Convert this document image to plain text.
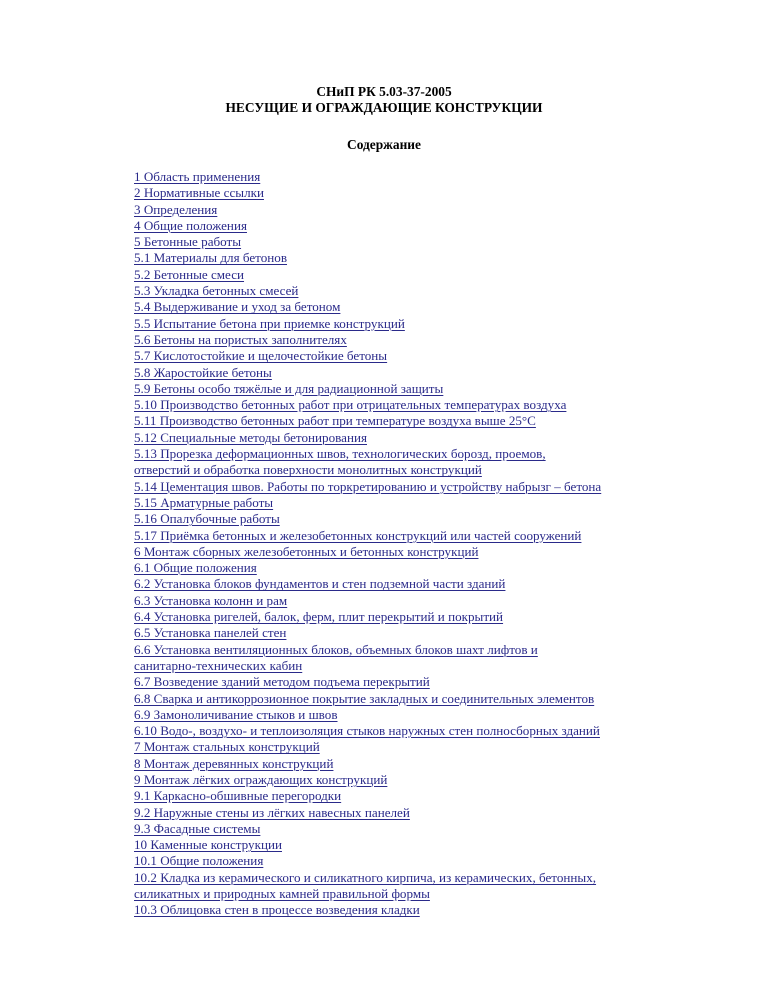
СНиП РК 5.03-37-2005
НЕСУЩИЕ И ОГРАЖДАЮЩИЕ КОНСТРУКЦИИ
Содержание
1 Область применения
2 Нормативные ссылки
3 Определения
4 Общие положения
5 Бетонные работы
5.1 Материалы для бетонов
5.2 Бетонные смеси
5.3 Укладка бетонных смесей
5.4 Выдерживание и уход за бетоном
5.5 Испытание бетона при приемке конструкций
5.6 Бетоны на пористых заполнителях
5.7 Кислотостойкие и щелочестойкие бетоны
5.8 Жаростойкие бетоны
5.9 Бетоны особо тяжёлые и для радиационной защиты
5.10 Производство бетонных работ при отрицательных температурах воздуха
5.11 Производство бетонных работ при температуре воздуха выше 25°С
5.12 Специальные методы бетонирования
5.13 Прорезка деформационных швов, технологических борозд, проемов,
отверстий и обработка поверхности монолитных конструкций
5.14 Цементация швов. Работы по торкретированию и устройству набрызг – бетона
5.15 Арматурные работы
5.16 Опалубочные работы
5.17 Приёмка бетонных и железобетонных конструкций или частей сооружений
6 Монтаж сборных железобетонных и бетонных конструкций
6.1 Общие положения
6.2 Установка блоков фундаментов и стен подземной части зданий
6.3 Установка колонн и рам
6.4 Установка ригелей, балок, ферм, плит перекрытий и покрытий
6.5 Установка панелей стен
6.6 Установка вентиляционных блоков, объемных блоков шахт лифтов и
санитарно-технических кабин
6.7 Возведение зданий методом подъема перекрытий
6.8 Сварка и антикоррозионное покрытие закладных и соединительных элементов
6.9 Замоноличивание стыков и швов
6.10 Водо-, воздухо- и теплоизоляция стыков наружных стен полносборных зданий
7 Монтаж стальных конструкций
8 Монтаж деревянных конструкций
9 Монтаж лёгких ограждающих конструкций
9.1 Каркасно-обшивные перегородки
9.2 Наружные стены из лёгких навесных панелей
9.3 Фасадные системы
10 Каменные конструкции
10.1 Общие положения
10.2 Кладка из керамического и силикатного кирпича, из керамических, бетонных,
силикатных и природных камней правильной формы
10.3 Облицовка стен в процессе возведения кладки
